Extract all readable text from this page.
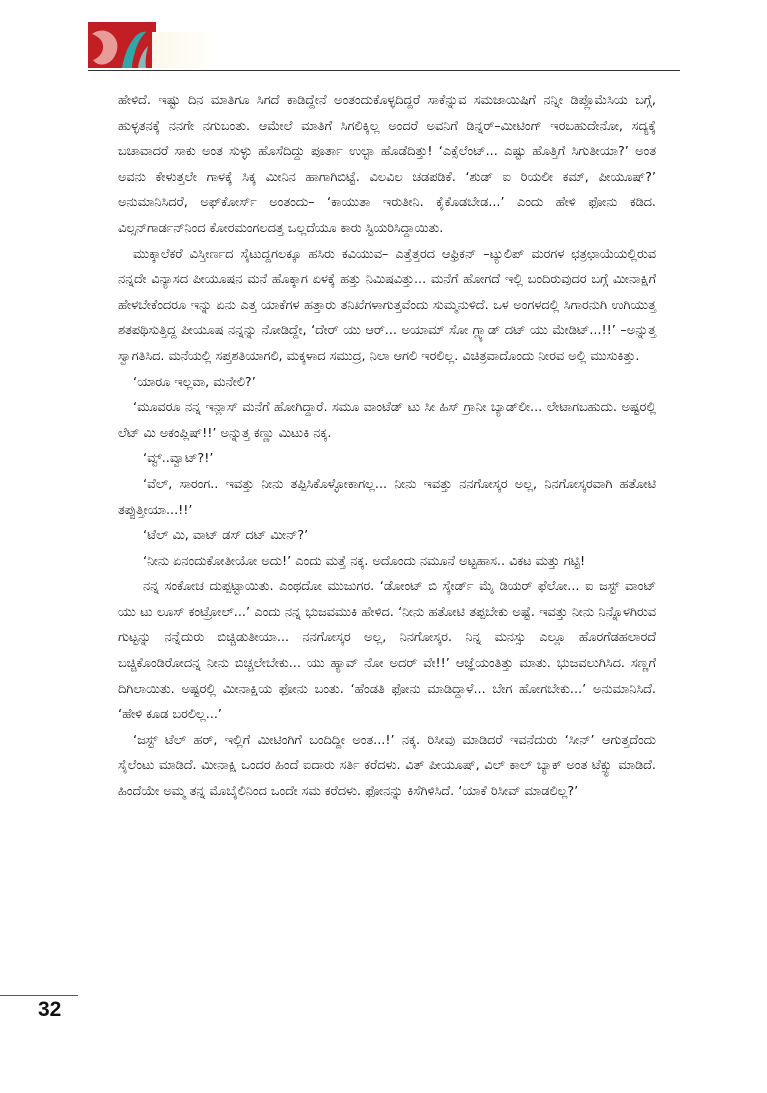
ಹೇಳಿದೆ. ಇಷ್ಟು ದಿನ ಮಾತಿಗೂ ಸಿಗದೆ ಕಾಡಿದ್ದೇನೆ ಅಂತಂದುಕೊಳ್ಳದಿದ್ದರೆ ಸಾಕೆನ್ನುವ ಸಮಜಾಯಿಷಿಗೆ ನನ್ನೀ ಡಿಪ್ಲೊಮೆಸಿಯ ಬಗ್ಗೆ, ಹುಳ್ಳತನಕ್ಕೆ ನನಗೇ ನಗುಬಂತು. ಆಮೇಲೆ ಮಾತಿಗೆ ಸಿಗಲಿಕ್ಕಿಲ್ಲ ಅಂದರೆ ಅವನಿಗೆ ಡಿನ್ನರ್–ಮೀಟಿಂಗ್ ಇರಬಹುದೇನೋ, ಸದ್ಯಕ್ಕೆ ಬಚಾವಾದರೆ ಸಾಕು ಅಂತ ಸುಳ್ಳು ಹೊಸೆದಿದ್ದು ಪೂರ್ತಾ ಉಲ್ಟಾ ಹೊಡೆದಿತ್ತು! ‘ಎಕ್ಸೆಲೆಂಟ್... ಎಷ್ಟು ಹೊತ್ತಿಗೆ ಸಿಗುತೀಯಾ?’ ಅಂತ ಅವನು ಕೇಳುತ್ತಲೇ ಗಾಳಕ್ಕೆ ಸಿಕ್ಕ ಮೀನಿನ ಹಾಗಾಗಿಬಿಟ್ಟೆ. ವಿಲವಿಲ ಚಡಪಡಿಕೆ. ‘ಶುಡ್ ಐ ರಿಯಲೀ ಕಮ್, ಪೀಯೂಷ್?’ ಅನುಮಾನಿಸಿದರೆ, ಅಫ್‌ಕೋರ್ಸ್ ಅಂತಂದು– ‘ಕಾಯುತಾ ಇರುತೀನಿ. ಕೈಕೊಡಬೇಡ...’ ಎಂದು ಹೇಳಿ ಫೋನು ಕಡಿದ. ವಿಲ್ಸನ್‌ಗಾರ್ಡನ್‌ನಿಂದ ಕೋರಮಂಗಲದತ್ತ ಒಲ್ಲದೆಯೂ ಕಾರು ಸ್ಟಿಯರಿಸಿದ್ದಾಯಿತು.

ಮುಕ್ಕಾಲೆಕರೆ ವಿಸ್ತೀರ್ಣದ ಸೈಟುದ್ದಗಲಕ್ಕೂ ಹಸಿರು ಕವಿಯುವ– ಎತ್ತೆತ್ತರದ ಆಫ್ರಿಕನ್ –ಟ್ಯುಲಿಪ್ ಮರಗಳ ಛತ್ರಛಾಯೆಯಲ್ಲಿರುವ ನನ್ನದೇ ವಿನ್ಯಾಸದ ಪೀಯೂಷನ ಮನೆ ಹೊಕ್ಕಾಗ ಏಳಕ್ಕೆ ಹತ್ತು ನಿಮಿಷವಿತ್ತು... ಮನೆಗೆ ಹೋಗದೆ ಇಲ್ಲಿ ಬಂದಿರುವುದರ ಬಗ್ಗೆ ಮೀನಾಕ್ಷಿಗೆ ಹೇಳಬೇಕೆಂದರೂ ಇನ್ನು ಏನು ಎತ್ತ ಯಾಕೆಗಳ ಹತ್ತಾರು ತನಿಖೆಗಳಾಗುತ್ತವೆಂದು ಸುಮ್ಮನುಳಿದೆ. ಒಳ ಅಂಗಳದಲ್ಲಿ ಸಿಗಾರನುಗಿ ಉಗಿಯುತ್ತ ಶತಪಥಿಸುತ್ತಿದ್ದ ಪೀಯೂಷ ನನ್ನನ್ನು ನೋಡಿದ್ದೇ, ‘ದೇರ್ ಯು ಆರ್... ಅಯಾಮ್ ಸೋ ಗ್ಲ್ಯಾಡ್ ದಟ್ ಯು ಮೇಡಿಟ್...!!’ –ಅನ್ನುತ್ತ ಸ್ವಾಗತಿಸಿದ. ಮನೆಯಲ್ಲಿ ಸಪ್ತಶತಿಯಾಗಲಿ, ಮಕ್ಕಳಾದ ಸಮುದ್ರ, ನಿಲಾ ಆಗಲಿ ಇರಲಿಲ್ಲ. ವಿಚಿತ್ರವಾದೊಂದು ನೀರವ ಅಲ್ಲಿ ಮುಸುಕಿತ್ತು.

‘ಯಾರೂ ಇಲ್ಲವಾ, ಮನೇಲಿ?’

‘ಮೂವರೂ ನನ್ನ ಇನ್ಲಾಸ್ ಮನೆಗೆ ಹೋಗಿದ್ದಾರೆ. ಸಮೂ ವಾಂಟೆಡ್ ಟು ಸೀ ಹಿಸ್ ಗ್ರಾನೀ ಬ್ಯಾಡ್‌ಲೀ... ಲೇಟಾಗಬಹುದು. ಅಷ್ಟರಲ್ಲಿ ಲೆಟ್ ಮಿ ಅಕಂಪ್ಲಿಷ್!!’ ಅನ್ನುತ್ತ ಕಣ್ಣು ಮಿಟುಕಿ ನಕ್ಕ.

‘ವ್ವ್..ವ್ವಾಟ್?!’

‘ವೆಲ್, ಸಾರಂಗ.. ಇವತ್ತು ನೀನು ತಪ್ಪಿಸಿಕೊಳ್ಳೋಕಾಗಲ್ಲ... ನೀನು ಇವತ್ತು ನನಗೋಸ್ಕರ ಅಲ್ಲ, ನಿನಗೋಸ್ಕರವಾಗಿ ಹತೋಟಿ ತಪ್ಪುತ್ತೀಯಾ...!!’

‘ಟೆಲ್ ಮಿ, ವಾಟ್ ಡಸ್ ದಟ್ ಮೀನ್?’

‘ನೀನು ಏನಂದುಕೋತೀಯೋ ಅದು!’ ಎಂದು ಮತ್ತೆ ನಕ್ಕ. ಅದೊಂದು ನಮೂನೆ ಅಟ್ಟಹಾಸ.. ವಿಕಟ ಮತ್ತು ಗಟ್ಟಿ!

ನನ್ನ ಸಂಕೋಚ ದುಪ್ಪಟ್ಟಾಯಿತು. ಎಂಥದೋ ಮುಜುಗರ. ‘ಡೋಂಟ್ ಬಿ ಸ್ಕೇರ್ಡ್ ಮೈ ಡಿಯರ್ ಫೆಲೋ... ಐ ಜಸ್ಟ್ ವಾಂಟ್ ಯು ಟು ಲೂಸ್ ಕಂಟ್ರೋಲ್...’ ಎಂದು ನನ್ನ ಭುಜವಮುಕಿ ಹೇಳಿದ. ‘ನೀನು ಹತೋಟಿ ತಪ್ಪಬೇಕು ಅಷ್ಟೆ. ಇವತ್ತು ನೀನು ನಿನ್ನೊಳಗಿರುವ ಗುಟ್ಟನ್ನು ನನ್ನೆದುರು ಬಿಚ್ಚಿಡುತೀಯಾ... ನನಗೋಸ್ಕರ ಅಲ್ಲ, ನಿನಗೋಸ್ಕರ. ನಿನ್ನ ಮನಸ್ಸು ಎಲ್ಲೂ ಹೊರಗೆಡಹಲಾರದೆ ಬಚ್ಚಿಕೊಂಡಿರೋದನ್ನ ನೀನು ಬಿಚ್ಚಲೇಬೇಕು... ಯು ಹ್ಯಾವ್ ನೋ ಅದರ್ ವೇ!!’ ಆಜ್ಞೆಯಂತಿತ್ತು ಮಾತು. ಭುಜವಲುಗಿಸಿದ. ಸಣ್ಣಗೆ ದಿಗಿಲಾಯಿತು. ಅಷ್ಟರಲ್ಲಿ ಮೀನಾಕ್ಷಿಯ ಫೋನು ಬಂತು. ‘ಹೆಂಡತಿ ಫೋನು ಮಾಡಿದ್ದಾಳೆ... ಬೇಗ ಹೋಗಬೇಕು...’ ಅನುಮಾನಿಸಿದೆ. ‘ಹೇಳಿ ಕೂಡ ಬರಲಿಲ್ಲ...’

‘ಜಸ್ಟ್ ಟೆಲ್ ಹರ್, ಇಲ್ಲಿಗೆ ಮೀಟಿಂಗಿಗೆ ಬಂದಿದ್ದೀ ಅಂತ...!’ ನಕ್ಕ. ರಿಸೀವು ಮಾಡಿದರೆ ಇವನೆದುರು ‘ಸೀನ್’ ಆಗುತ್ತದೆಂದು ಸೈಲೆಂಟು ಮಾಡಿದೆ. ಮೀನಾಕ್ಷಿ ಒಂದರ ಹಿಂದೆ ಐದಾರು ಸರ್ತಿ ಕರೆದಳು. ವಿತ್ ಪೀಯೂಷ್, ವಿಲ್ ಕಾಲ್ ಬ್ಯಾಕ್ ಅಂತ ಟೆಕ್ಸ್ಟು ಮಾಡಿದೆ. ಹಿಂದೆಯೇ ಅಮ್ಮ ತನ್ನ ಮೊಬೈಲಿನಿಂದ ಒಂದೇ ಸಮ ಕರೆದಳು. ಫೋನನ್ನು ಕಿಸೆಗಿಳಿಸಿದೆ. ‘ಯಾಕೆ ರಿಸೀವ್ ಮಾಡಲಿಲ್ಲ?’

32
